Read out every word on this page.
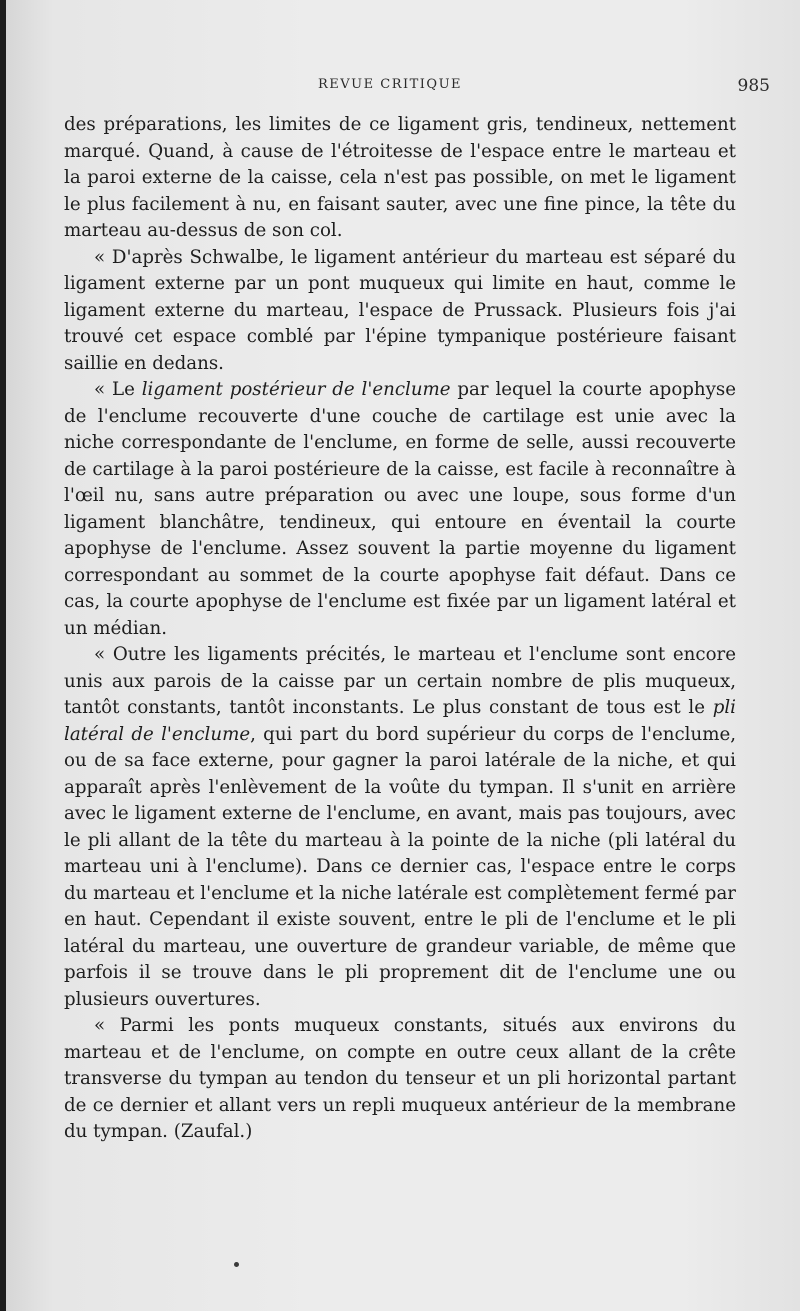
REVUE CRITIQUE	985

des préparations, les limites de ce ligament gris, tendineux, nettement marqué. Quand, à cause de l'étroitesse de l'espace entre le marteau et la paroi externe de la caisse, cela n'est pas possible, on met le ligament le plus facilement à nu, en faisant sauter, avec une fine pince, la tête du marteau au-dessus de son col.

« D'après Schwalbe, le ligament antérieur du marteau est séparé du ligament externe par un pont muqueux qui limite en haut, comme le ligament externe du marteau, l'espace de Prussack. Plusieurs fois j'ai trouvé cet espace comblé par l'épine tympanique postérieure faisant saillie en dedans.

« Le ligament postérieur de l'enclume par lequel la courte apophyse de l'enclume recouverte d'une couche de cartilage est unie avec la niche correspondante de l'enclume, en forme de selle, aussi recouverte de cartilage à la paroi postérieure de la caisse, est facile à reconnaître à l'œil nu, sans autre préparation ou avec une loupe, sous forme d'un ligament blanchâtre, tendineux, qui entoure en éventail la courte apophyse de l'enclume. Assez souvent la partie moyenne du ligament correspondant au sommet de la courte apophyse fait défaut. Dans ce cas, la courte apophyse de l'enclume est fixée par un ligament latéral et un médian.

« Outre les ligaments précités, le marteau et l'enclume sont encore unis aux parois de la caisse par un certain nombre de plis muqueux, tantôt constants, tantôt inconstants. Le plus constant de tous est le pli latéral de l'enclume, qui part du bord supérieur du corps de l'enclume, ou de sa face externe, pour gagner la paroi latérale de la niche, et qui apparaît après l'enlèvement de la voûte du tympan. Il s'unit en arrière avec le ligament externe de l'enclume, en avant, mais pas toujours, avec le pli allant de la tête du marteau à la pointe de la niche (pli latéral du marteau uni à l'enclume). Dans ce dernier cas, l'espace entre le corps du marteau et l'enclume et la niche latérale est complètement fermé par en haut. Cependant il existe souvent, entre le pli de l'enclume et le pli latéral du marteau, une ouverture de grandeur variable, de même que parfois il se trouve dans le pli proprement dit de l'enclume une ou plusieurs ouvertures.

« Parmi les ponts muqueux constants, situés aux environs du marteau et de l'enclume, on compte en outre ceux allant de la crête transverse du tympan au tendon du tenseur et un pli horizontal partant de ce dernier et allant vers un repli muqueux antérieur de la membrane du tympan. (Zaufal.)
